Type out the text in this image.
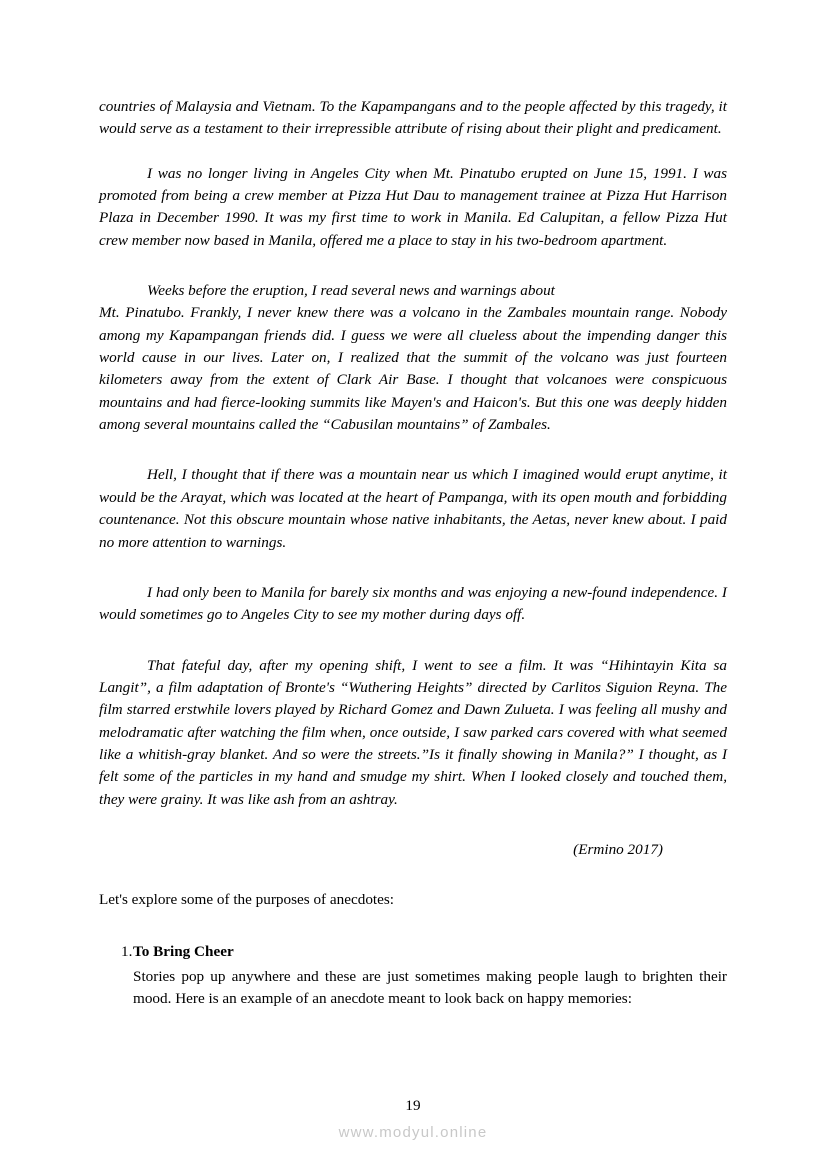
countries of Malaysia and Vietnam. To the Kapampangans and to the people affected by this tragedy, it would serve as a testament to their irrepressible attribute of rising about their plight and predicament.

I was no longer living in Angeles City when Mt. Pinatubo erupted on June 15, 1991. I was promoted from being a crew member at Pizza Hut Dau to management trainee at Pizza Hut Harrison Plaza in December 1990. It was my first time to work in Manila. Ed Calupitan, a fellow Pizza Hut crew member now based in Manila, offered me a place to stay in his two-bedroom apartment.

Weeks before the eruption, I read several news and warnings about

Mt. Pinatubo. Frankly, I never knew there was a volcano in the Zambales mountain range. Nobody among my Kapampangan friends did. I guess we were all clueless about the impending danger this world cause in our lives. Later on, I realized that the summit of the volcano was just fourteen kilometers away from the extent of Clark Air Base. I thought that volcanoes were conspicuous mountains and had fierce-looking summits like Mayen's and Haicon's. But this one was deeply hidden among several mountains called the “Cabusilan mountains” of Zambales.

Hell, I thought that if there was a mountain near us which I imagined would erupt anytime, it would be the Arayat, which was located at the heart of Pampanga, with its open mouth and forbidding countenance. Not this obscure mountain whose native inhabitants, the Aetas, never knew about. I paid no more attention to warnings.

I had only been to Manila for barely six months and was enjoying a new-found independence. I would sometimes go to Angeles City to see my mother during days off.

That fateful day, after my opening shift, I went to see a film. It was “Hihintayin Kita sa Langit”, a film adaptation of Bronte's “Wuthering Heights” directed by Carlitos Siguion Reyna. The film starred erstwhile lovers played by Richard Gomez and Dawn Zulueta. I was feeling all mushy and melodramatic after watching the film when, once outside, I saw parked cars covered with what seemed like a whitish-gray blanket. And so were the streets.”Is it finally showing in Manila?” I thought, as I felt some of the particles in my hand and smudge my shirt. When I looked closely and touched them, they were grainy. It was like ash from an ashtray.

(Ermino 2017)

Let's explore some of the purposes of anecdotes:

1. To Bring Cheer
Stories pop up anywhere and these are just sometimes making people laugh to brighten their mood. Here is an example of an anecdote meant to look back on happy memories:
19
www.modyul.online
